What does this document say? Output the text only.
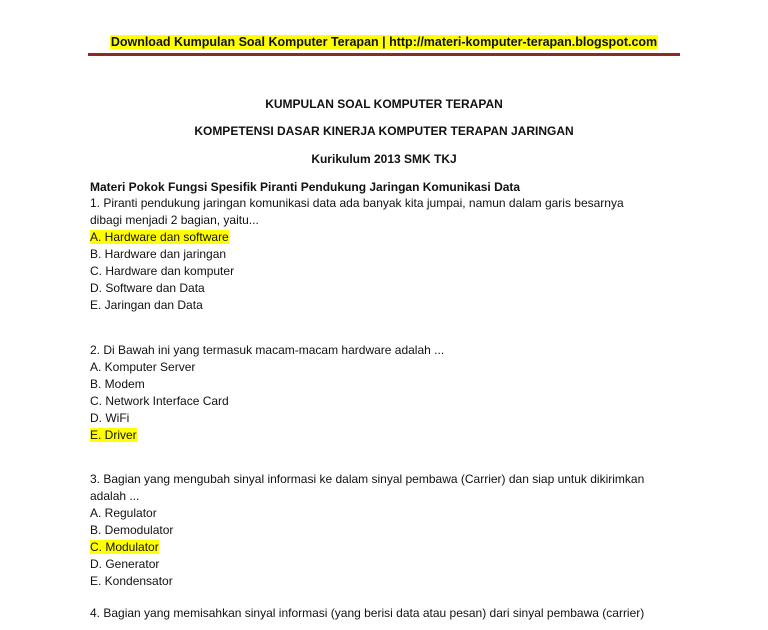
Download Kumpulan Soal Komputer Terapan | http://materi-komputer-terapan.blogspot.com
KUMPULAN SOAL KOMPUTER TERAPAN
KOMPETENSI DASAR KINERJA KOMPUTER TERAPAN JARINGAN
Kurikulum 2013 SMK TKJ
Materi Pokok Fungsi Spesifik Piranti Pendukung Jaringan Komunikasi Data
1. Piranti pendukung jaringan komunikasi data ada banyak kita jumpai, namun dalam garis besarnya
dibagi menjadi 2 bagian, yaitu...
A. Hardware dan software
B. Hardware dan jaringan
C. Hardware dan komputer
D. Software dan Data
E. Jaringan dan Data
2. Di Bawah ini yang termasuk macam-macam hardware adalah ...
A. Komputer Server
B. Modem
C. Network Interface Card
D. WiFi
E. Driver
3. Bagian yang mengubah sinyal informasi ke dalam sinyal pembawa (Carrier) dan siap untuk dikirimkan
adalah ...
A. Regulator
B. Demodulator
C. Modulator
D. Generator
E. Kondensator
4. Bagian yang memisahkan sinyal informasi (yang berisi data atau pesan) dari sinyal pembawa (carrier)
